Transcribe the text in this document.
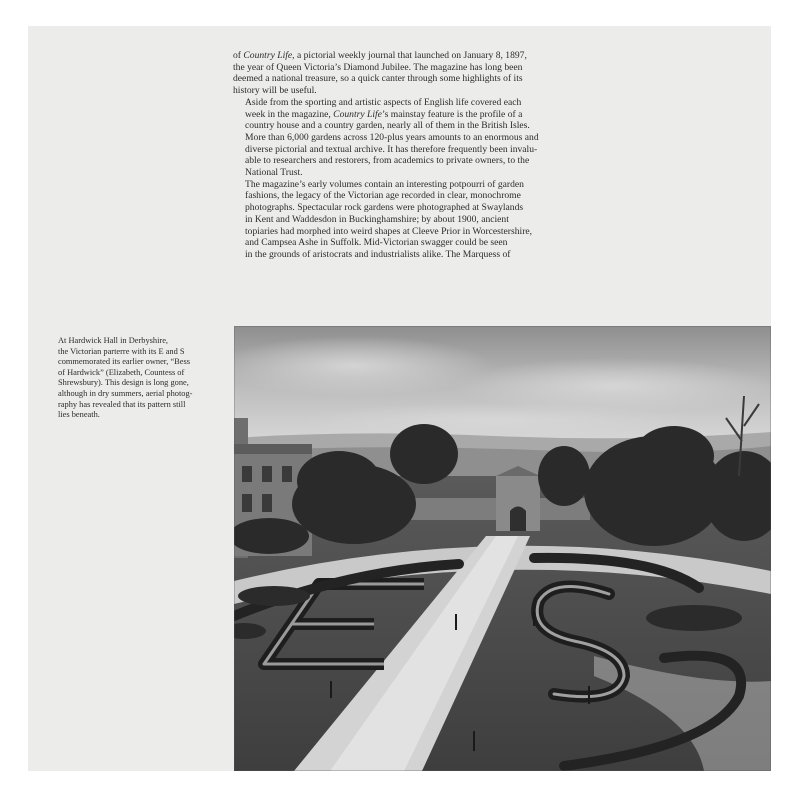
of Country Life, a pictorial weekly journal that launched on January 8, 1897,
the year of Queen Victoria’s Diamond Jubilee. The magazine has long been
deemed a national treasure, so a quick canter through some highlights of its
history will be useful.

Aside from the sporting and artistic aspects of English life covered each
week in the magazine, Country Life’s mainstay feature is the profile of a
country house and a country garden, nearly all of them in the British Isles.
More than 6,000 gardens across 120-plus years amounts to an enormous and
diverse pictorial and textual archive. It has therefore frequently been invalu-
able to researchers and restorers, from academics to private owners, to the
National Trust.

The magazine’s early volumes contain an interesting potpourri of garden
fashions, the legacy of the Victorian age recorded in clear, monochrome
photographs. Spectacular rock gardens were photographed at Swaylands
in Kent and Waddesdon in Buckinghamshire; by about 1900, ancient
topiaries had morphed into weird shapes at Cleeve Prior in Worcestershire,
and Campsea Ashe in Suffolk. Mid-Victorian swagger could be seen
in the grounds of aristocrats and industrialists alike. The Marquess of

At Hardwick Hall in Derbyshire,
the Victorian parterre with its E and S
commemorated its earlier owner, “Bess
of Hardwick” (Elizabeth, Countess of
Shrewsbury). This design is long gone,
although in dry summers, aerial photog-
raphy has revealed that its pattern still
lies beneath.
